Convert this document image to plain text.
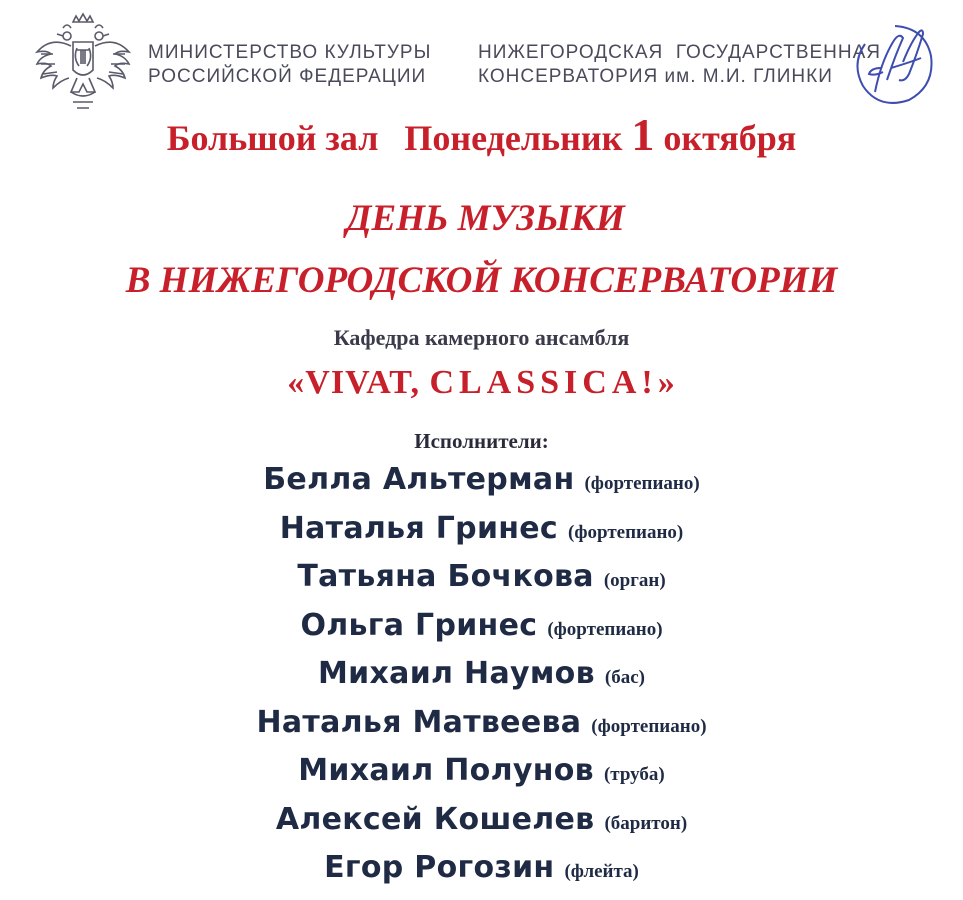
МИНИСТЕРСТВО КУЛЬТУРЫ
РОССИЙСКОЙ ФЕДЕРАЦИИ
НИЖЕГОРОДСКАЯ  ГОСУДАРСТВЕННАЯ
КОНСЕРВАТОРИЯ им. М.И. ГЛИНКИ
Большой зал Понедельник 1 октября
ДЕНЬ МУЗЫКИ
В НИЖЕГОРОДСКОЙ КОНСЕРВАТОРИИ
Кафедра камерного ансамбля
«VIVAT, CLASSICA!»
Исполнители:
Белла Альтерман (фортепиано)
Наталья Гринес (фортепиано)
Татьяна Бочкова (орган)
Ольга Гринес (фортепиано)
Михаил Наумов (бас)
Наталья Матвеева (фортепиано)
Михаил Полунов (труба)
Алексей Кошелев (баритон)
Егор Рогозин (флейта)
